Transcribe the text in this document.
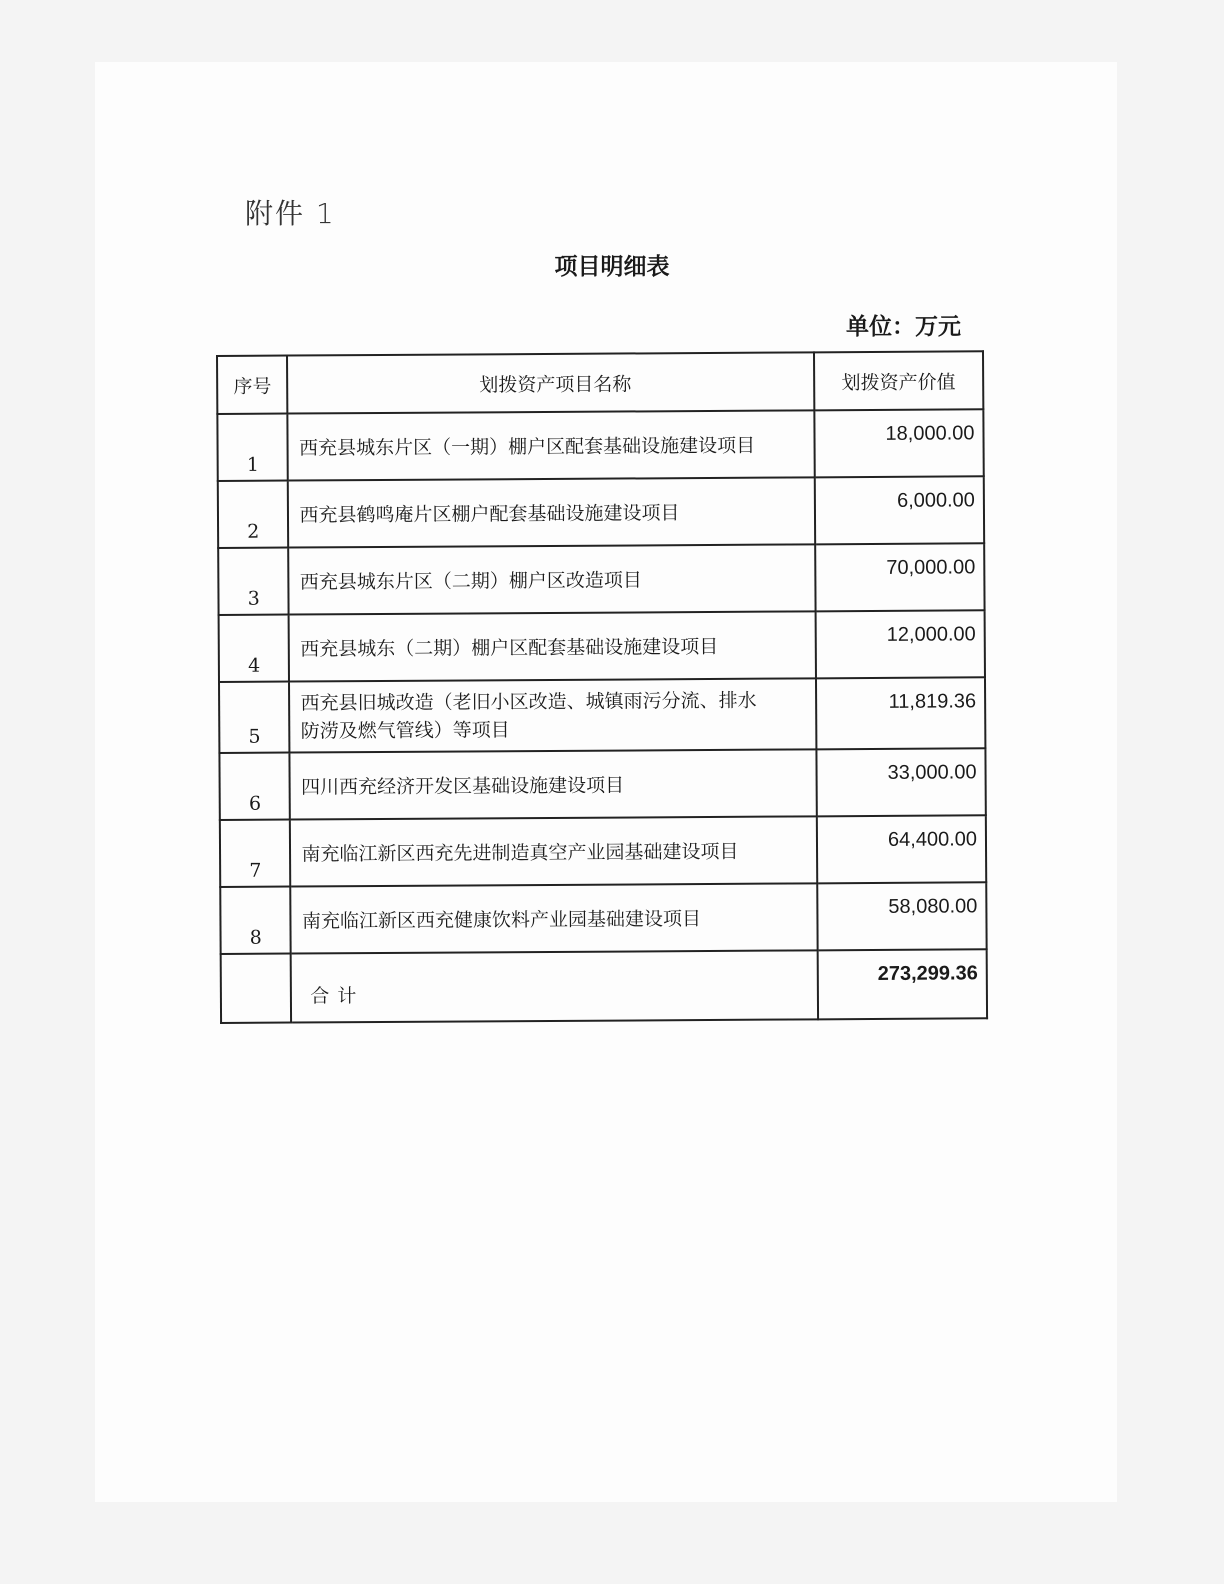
附件 1
项目明细表
单位：万元
序号	划拨资产项目名称	划拨资产价值
1	西充县城东片区（一期）棚户区配套基础设施建设项目	18,000.00
2	西充县鹤鸣庵片区棚户配套基础设施建设项目	6,000.00
3	西充县城东片区（二期）棚户区改造项目	70,000.00
4	西充县城东（二期）棚户区配套基础设施建设项目	12,000.00
5	西充县旧城改造（老旧小区改造、城镇雨污分流、排水
防涝及燃气管线）等项目	11,819.36
6	四川西充经济开发区基础设施建设项目	33,000.00
7	南充临江新区西充先进制造真空产业园基础建设项目	64,400.00
8	南充临江新区西充健康饮料产业园基础建设项目	58,080.00
	合计	273,299.36
